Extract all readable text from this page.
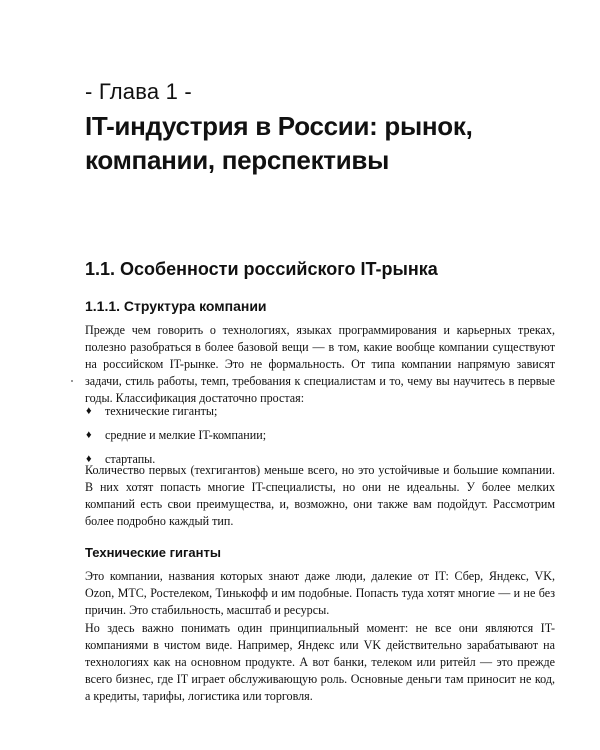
- Глава 1 -
IT-индустрия в России: рынок, компании, перспективы
1.1. Особенности российского IT-рынка
1.1.1. Структура компании

Прежде чем говорить о технологиях, языках программирования и карьерных треках, полезно разобраться в более базовой вещи — в том, какие вообще компании существуют на российском IT-рынке. Это не формальность. От типа компании напрямую зависят задачи, стиль работы, темп, требования к специалистам и то, чему вы научитесь в первые годы. Классификация достаточно простая:

♦	технические гиганты;
♦	средние и мелкие IT-компании;
♦	стартапы.

Количество первых (техгигантов) меньше всего, но это устойчивые и большие компании. В них хотят попасть многие IT-специалисты, но они не идеальны. У более мелких компаний есть свои преимущества, и, возможно, они также вам подойдут. Рассмотрим более подробно каждый тип.

Технические гиганты

Это компании, названия которых знают даже люди, далекие от IT: Сбер, Яндекс, VK, Ozon, МТС, Ростелеком, Тинькофф и им подобные. Попасть туда хотят многие — и не без причин. Это стабильность, масштаб и ресурсы.

Но здесь важно понимать один принципиальный момент: не все они являются IT-компаниями в чистом виде. Например, Яндекс или VK действительно зарабатывают на технологиях как на основном продукте. А вот банки, телеком или ритейл — это прежде всего бизнес, где IT играет обслуживающую роль. Основные деньги там приносит не код, а кредиты, тарифы, логистика или торговля.
